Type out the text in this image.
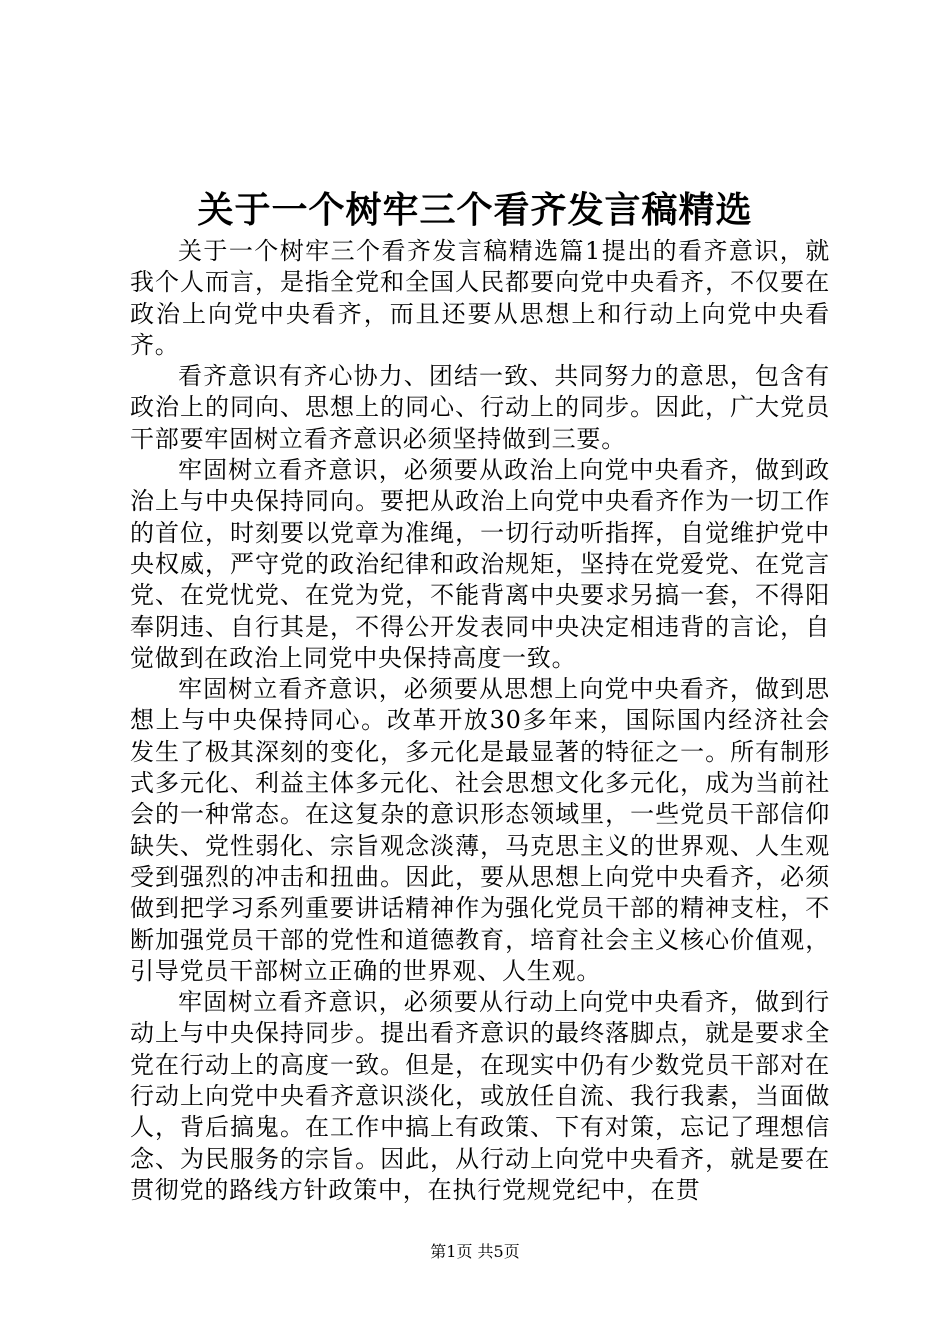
关于一个树牢三个看齐发言稿精选

关于一个树牢三个看齐发言稿精选篇1提出的看齐意识，就我个人而言，是指全党和全国人民都要向党中央看齐，不仅要在政治上向党中央看齐，而且还要从思想上和行动上向党中央看齐。

看齐意识有齐心协力、团结一致、共同努力的意思，包含有政治上的同向、思想上的同心、行动上的同步。因此，广大党员干部要牢固树立看齐意识必须坚持做到三要。

牢固树立看齐意识，必须要从政治上向党中央看齐，做到政治上与中央保持同向。要把从政治上向党中央看齐作为一切工作的首位，时刻要以党章为准绳，一切行动听指挥，自觉维护党中央权威，严守党的政治纪律和政治规矩，坚持在党爱党、在党言党、在党忧党、在党为党，不能背离中央要求另搞一套，不得阳奉阴违、自行其是，不得公开发表同中央决定相违背的言论，自觉做到在政治上同党中央保持高度一致。

牢固树立看齐意识，必须要从思想上向党中央看齐，做到思想上与中央保持同心。改革开放30多年来，国际国内经济社会发生了极其深刻的变化，多元化是最显著的特征之一。所有制形式多元化、利益主体多元化、社会思想文化多元化，成为当前社会的一种常态。在这复杂的意识形态领域里，一些党员干部信仰缺失、党性弱化、宗旨观念淡薄，马克思主义的世界观、人生观受到强烈的冲击和扭曲。因此，要从思想上向党中央看齐，必须做到把学习系列重要讲话精神作为强化党员干部的精神支柱，不断加强党员干部的党性和道德教育，培育社会主义核心价值观，引导党员干部树立正确的世界观、人生观。

牢固树立看齐意识，必须要从行动上向党中央看齐，做到行动上与中央保持同步。提出看齐意识的最终落脚点，就是要求全党在行动上的高度一致。但是，在现实中仍有少数党员干部对在行动上向党中央看齐意识淡化，或放任自流、我行我素，当面做人，背后搞鬼。在工作中搞上有政策、下有对策，忘记了理想信念、为民服务的宗旨。因此，从行动上向党中央看齐，就是要在贯彻党的路线方针政策中，在执行党规党纪中，在贯

第1页 共5页
